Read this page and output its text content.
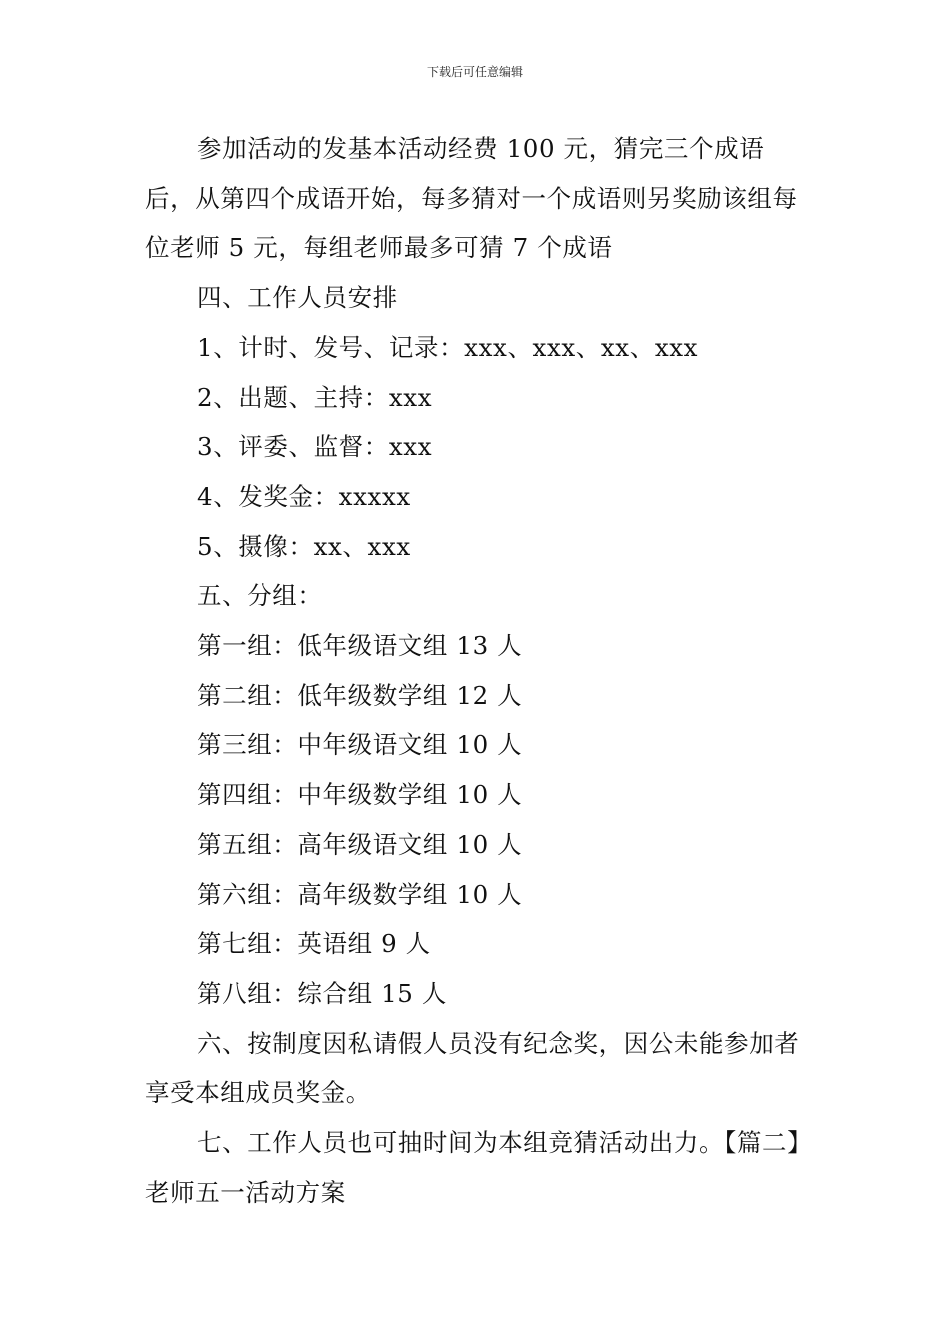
下载后可任意编辑

参加活动的发基本活动经费 100 元，猜完三个成语后，从第四个成语开始，每多猜对一个成语则另奖励该组每位老师 5 元，每组老师最多可猜 7 个成语

四、工作人员安排

1、计时、发号、记录：xxx、xxx、xx、xxx

2、出题、主持：xxx

3、评委、监督：xxx

4、发奖金：xxxxx

5、摄像：xx、xxx

五、分组：

第一组：低年级语文组 13 人

第二组：低年级数学组 12 人

第三组：中年级语文组 10 人

第四组：中年级数学组 10 人

第五组：高年级语文组 10 人

第六组：高年级数学组 10 人

第七组：英语组 9 人

第八组：综合组 15 人

六、按制度因私请假人员没有纪念奖，因公未能参加者享受本组成员奖金。

七、工作人员也可抽时间为本组竞猜活动出力。【篇二】老师五一活动方案
